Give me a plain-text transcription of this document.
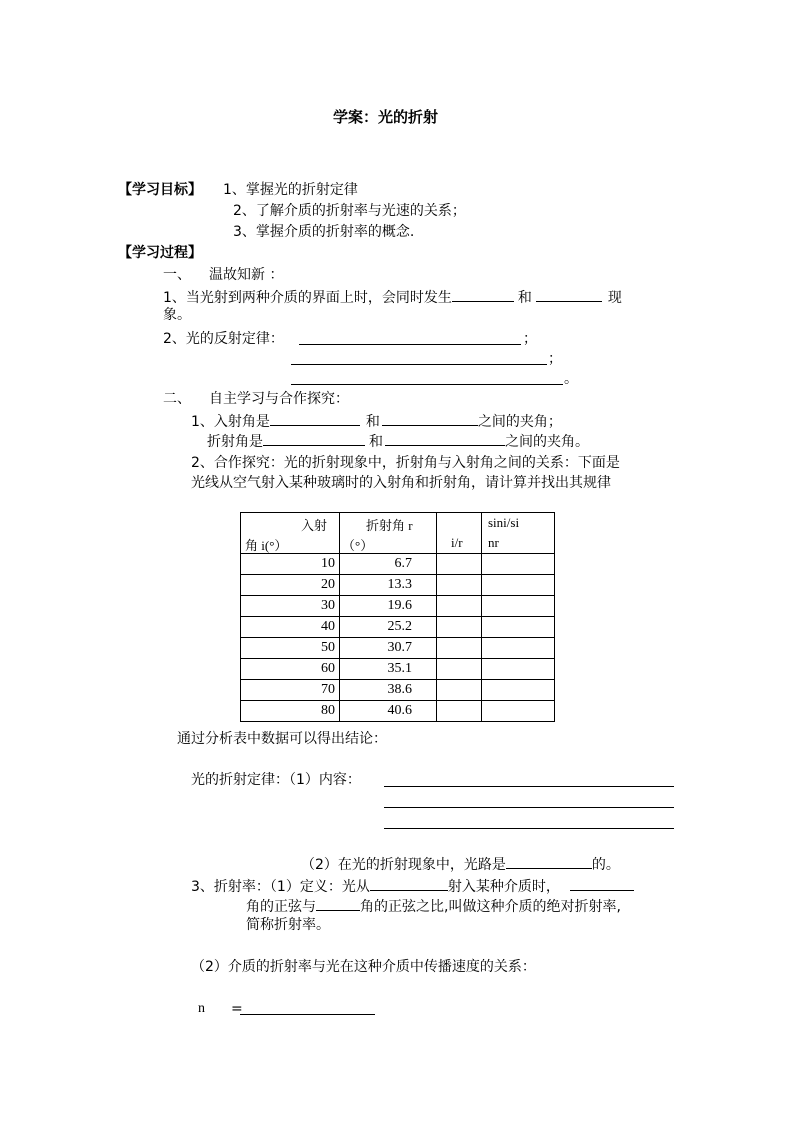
学案：光的折射
【学习目标】 1、掌握光的折射定律
2、了解介质的折射率与光速的关系；
3、掌握介质的折射率的概念.
【学习过程】
一、 温故知新 ：
1、当光射到两种介质的界面上时，会同时发生	和	现
象。
2、光的反射定律：	；
；
。
二、 自主学习与合作探究：
1、入射角是	和	之间的夹角；
折射角是	和	之间的夹角。
2、合作探究：光的折射现象中，折射角与入射角之间的关系：下面是
光线从空气射入某种玻璃时的入射角和折射角，请计算并找出其规律
入射
角 i(°）	折射角 r
（°）	i/r	sini/si
nr

10	6.7		
20	13.3		
30	19.6		
40	25.2		
50	30.7		
60	35.1		
70	38.6		
80	40.6		
通过分析表中数据可以得出结论：
光的折射定律：（1）内容：
（2）在光的折射现象中，光路是	的。
3、折射率：（1）定义：光从	射入某种介质时，
角的正弦与	角的正弦之比,叫做这种介质的绝对折射率,
简称折射率。
（2）介质的折射率与光在这种介质中传播速度的关系：
n =
